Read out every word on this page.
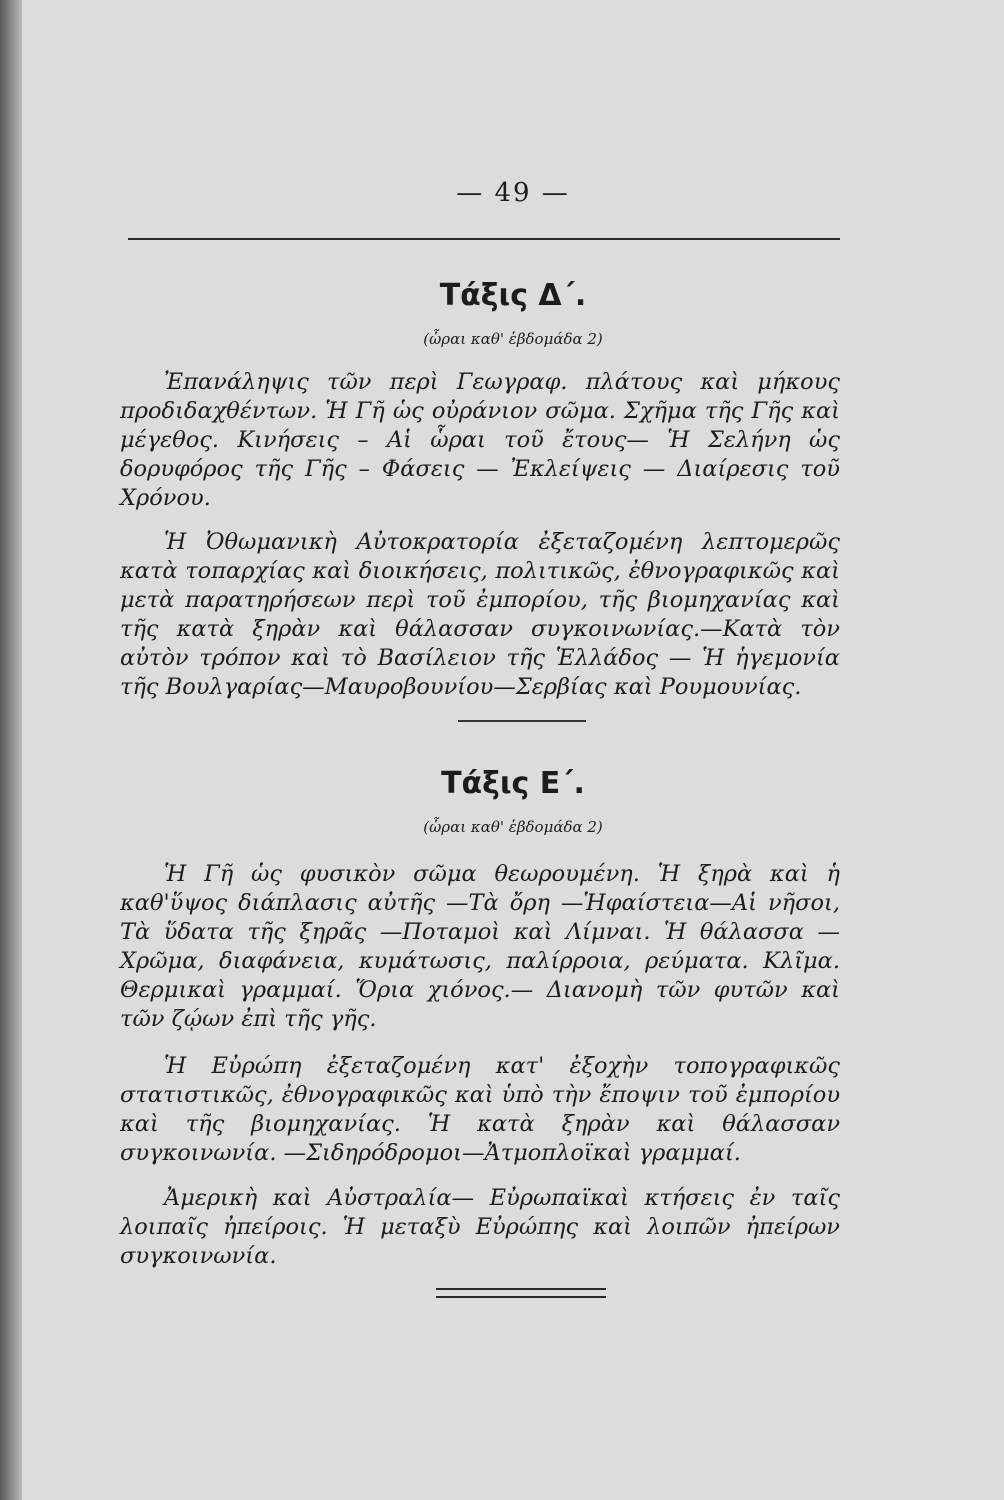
— 49 —
Τάξις Δ΄.
(ὧραι καθ' ἑβδομάδα 2)

Ἐπανάληψις τῶν περὶ Γεωγραφ. πλάτους καὶ μήκους προδιδαχθέντων. Ἡ Γῆ ὡς οὐράνιον σῶμα. Σχῆμα τῆς Γῆς καὶ μέγεθος. Κινήσεις – Αἱ ὧραι τοῦ ἔτους— Ἡ Σελήνη ὡς δορυφόρος τῆς Γῆς – Φάσεις — Ἐκλείψεις — Διαίρεσις τοῦ Χρόνου.

Ἡ Ὀθωμανικὴ Αὐτοκρατορία ἐξεταζομένη λεπτομερῶς κατὰ τοπαρχίας καὶ διοικήσεις, πολιτικῶς, ἐθνογραφικῶς καὶ μετὰ παρατηρήσεων περὶ τοῦ ἐμπορίου, τῆς βιομηχανίας καὶ τῆς κατὰ ξηρὰν καὶ θάλασσαν συγκοινωνίας.—Κατὰ τὸν αὐτὸν τρόπον καὶ τὸ Βασίλειον τῆς Ἑλλάδος — Ἡ ἡγεμονία τῆς Βουλγαρίας—Μαυροβουνίου—Σερβίας καὶ Ρουμουνίας.

Τάξις Ε΄.
(ὧραι καθ' ἑβδομάδα 2)

Ἡ Γῆ ὡς φυσικὸν σῶμα θεωρουμένη. Ἡ ξηρὰ καὶ ἡ καθ'ὕψος διάπλασις αὐτῆς —Τὰ ὄρη —Ἡφαίστεια—Αἱ νῆσοι, Τὰ ὕδατα τῆς ξηρᾶς —Ποταμοὶ καὶ Λίμναι. Ἡ θάλασσα — Χρῶμα, διαφάνεια, κυμάτωσις, παλίρροια, ρεύματα. Κλῖμα. Θερμικαὶ γραμμαί. Ὅρια χιόνος.— Διανομὴ τῶν φυτῶν καὶ τῶν ζῴων ἐπὶ τῆς γῆς.

Ἡ Εὐρώπη ἐξεταζομένη κατ' ἐξοχὴν τοπογραφικῶς στατιστικῶς, ἐθνογραφικῶς καὶ ὑπὸ τὴν ἔποψιν τοῦ ἐμπορίου καὶ τῆς βιομηχανίας. Ἡ κατὰ ξηρὰν καὶ θάλασσαν συγκοινωνία. —Σιδηρόδρομοι—Ἀτμοπλοϊκαὶ γραμμαί.

Ἀμερικὴ καὶ Αὐστραλία— Εὐρωπαϊκαὶ κτήσεις ἐν ταῖς λοιπαῖς ἠπείροις. Ἡ μεταξὺ Εὐρώπης καὶ λοιπῶν ἠπείρων συγκοινωνία.
